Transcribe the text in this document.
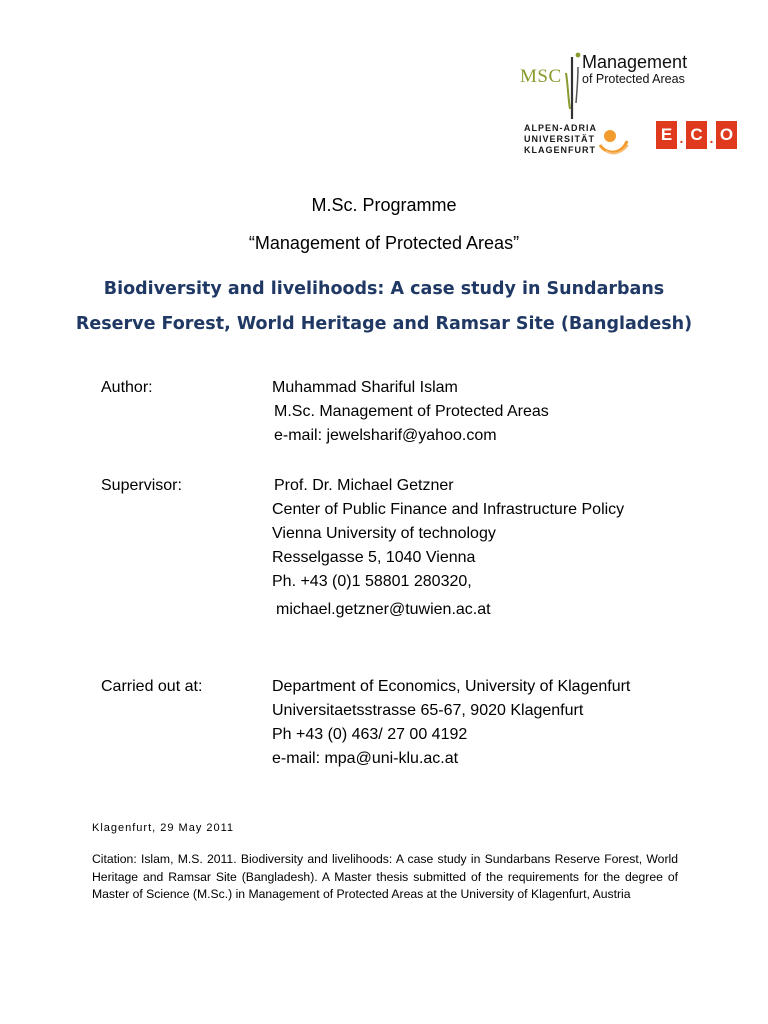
MSC
Management
of Protected Areas
ALPEN-ADRIA
UNIVERSITÄT
KLAGENFURT
E . C . O
M.Sc. Programme
“Management of Protected Areas”
Biodiversity and livelihoods: A case study in Sundarbans
Reserve Forest, World Heritage and Ramsar Site (Bangladesh)
Author:	Muhammad Shariful Islam
M.Sc. Management of Protected Areas
e-mail: jewelsharif@yahoo.com
Supervisor:	Prof. Dr. Michael Getzner
Center of Public Finance and Infrastructure Policy
Vienna University of technology
Resselgasse 5, 1040 Vienna
Ph. +43 (0)1 58801 280320,
michael.getzner@tuwien.ac.at
Carried out at:	Department of Economics, University of Klagenfurt
Universitaetsstrasse 65-67, 9020 Klagenfurt
Ph +43 (0) 463/ 27 00 4192
e-mail: mpa@uni-klu.ac.at
Klagenfurt, 29 May 2011
Citation: Islam, M.S. 2011. Biodiversity and livelihoods: A case study in Sundarbans Reserve Forest, World Heritage and Ramsar Site (Bangladesh). A Master thesis submitted of the requirements for the degree of Master of Science (M.Sc.) in Management of Protected Areas at the University of Klagenfurt, Austria
